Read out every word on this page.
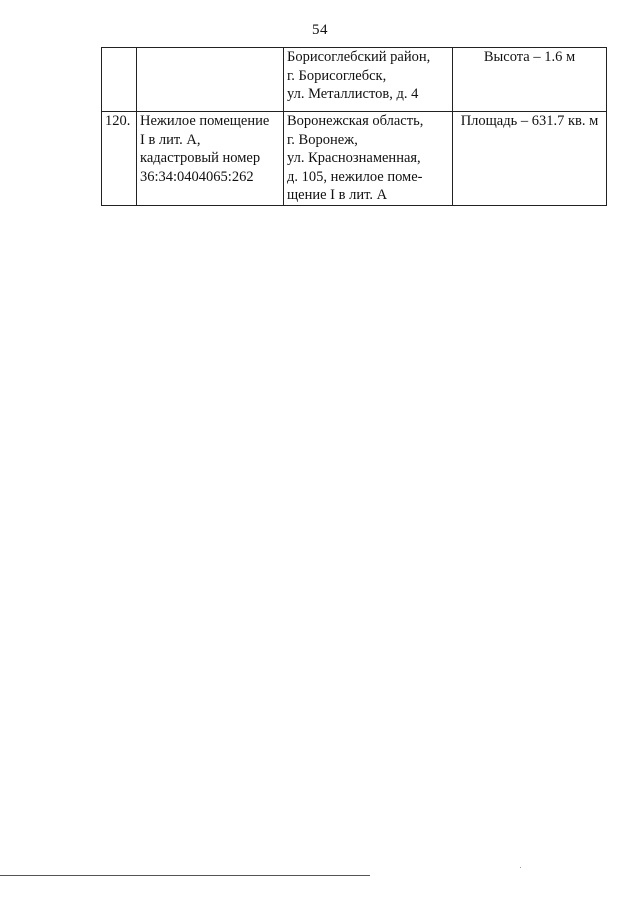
54

		Борисоглебский район,
г. Борисоглебск,
ул. Металлистов, д. 4	Высота – 1.6 м
120.	Нежилое помещение
I в лит. А,
кадастровый номер
36:34:0404065:262	Воронежская область,
г. Воронеж,
ул. Краснознаменная,
д. 105, нежилое поме-
щение I в лит. А	Площадь – 631.7 кв. м
